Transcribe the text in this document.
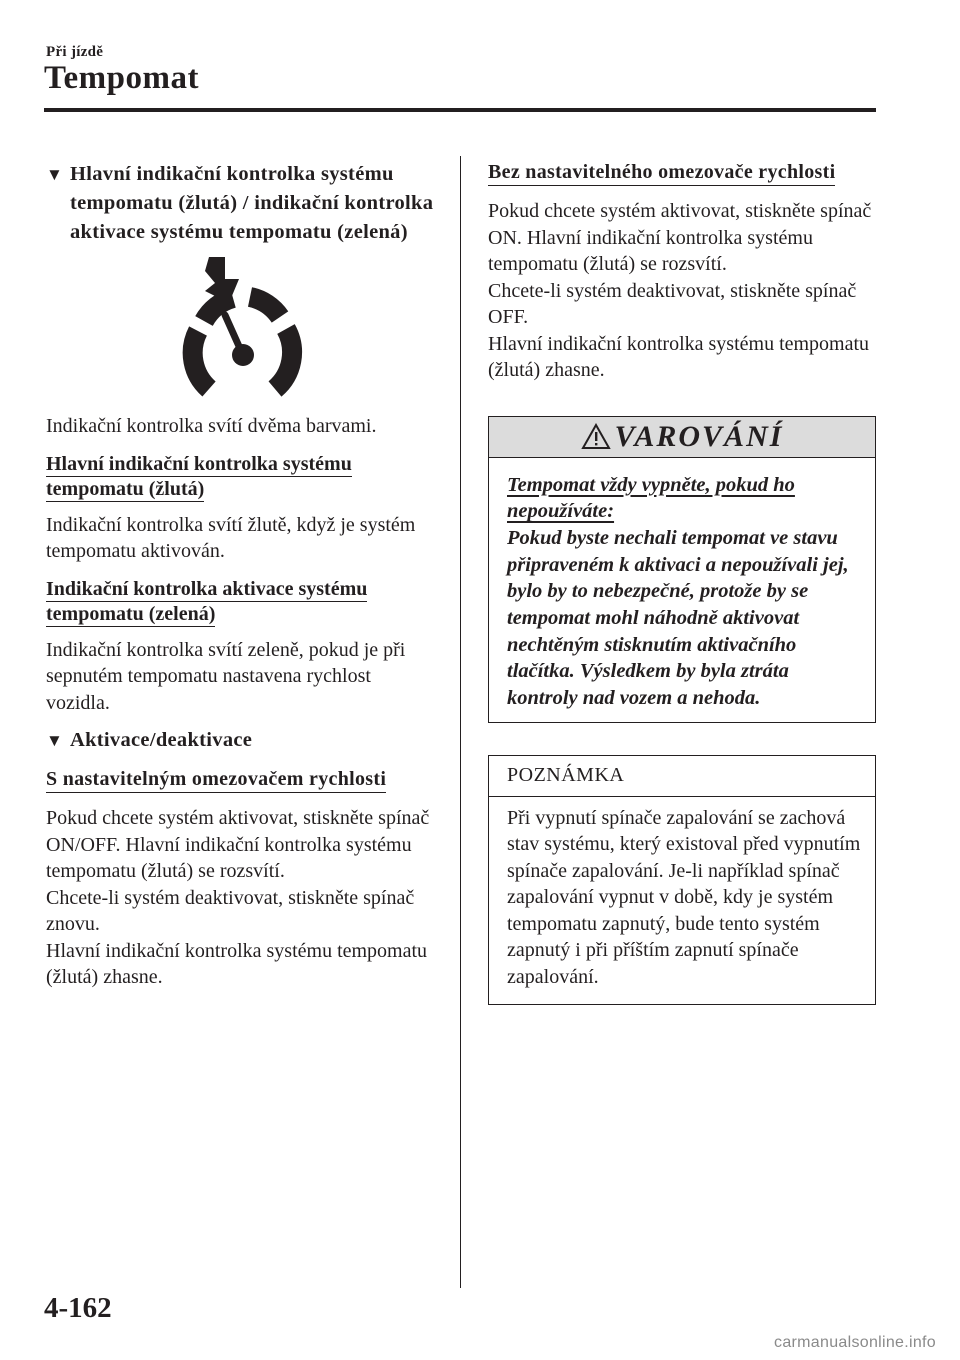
Při jízdě
Tempomat
▼ Hlavní indikační kontrolka systému tempomatu (žlutá) / indikační kontrolka aktivace systému tempomatu (zelená)

Indikační kontrolka svítí dvěma barvami.

Hlavní indikační kontrolka systému tempomatu (žlutá)

Indikační kontrolka svítí žlutě, když je systém tempomatu aktivován.

Indikační kontrolka aktivace systému tempomatu (zelená)

Indikační kontrolka svítí zeleně, pokud je při sepnutém tempomatu nastavena rychlost vozidla.

▼ Aktivace/deaktivace
S nastavitelným omezovačem rychlosti

Pokud chcete systém aktivovat, stiskněte spínač ON/OFF. Hlavní indikační kontrolka systému tempomatu (žlutá) se rozsvítí.

Chcete-li systém deaktivovat, stiskněte spínač znovu.

Hlavní indikační kontrolka systému tempomatu (žlutá) zhasne.

Bez nastavitelného omezovače rychlosti

Pokud chcete systém aktivovat, stiskněte spínač ON. Hlavní indikační kontrolka systému tempomatu (žlutá) se rozsvítí.

Chcete-li systém deaktivovat, stiskněte spínač OFF.

Hlavní indikační kontrolka systému tempomatu (žlutá) zhasne.

VAROVÁNÍ
Tempomat vždy vypněte, pokud ho nepoužíváte:
Pokud byste nechali tempomat ve stavu připraveném k aktivaci a nepoužívali jej, bylo by to nebezpečné, protože by se tempomat mohl náhodně aktivovat nechtěným stisknutím aktivačního tlačítka. Výsledkem by byla ztráta kontroly nad vozem a nehoda.
POZNÁMKA
Při vypnutí spínače zapalování se zachová stav systému, který existoval před vypnutím spínače zapalování. Je-li například spínač zapalování vypnut v době, kdy je systém tempomatu zapnutý, bude tento systém zapnutý i při příštím zapnutí spínače zapalování.
4-162
carmanualsonline.info
